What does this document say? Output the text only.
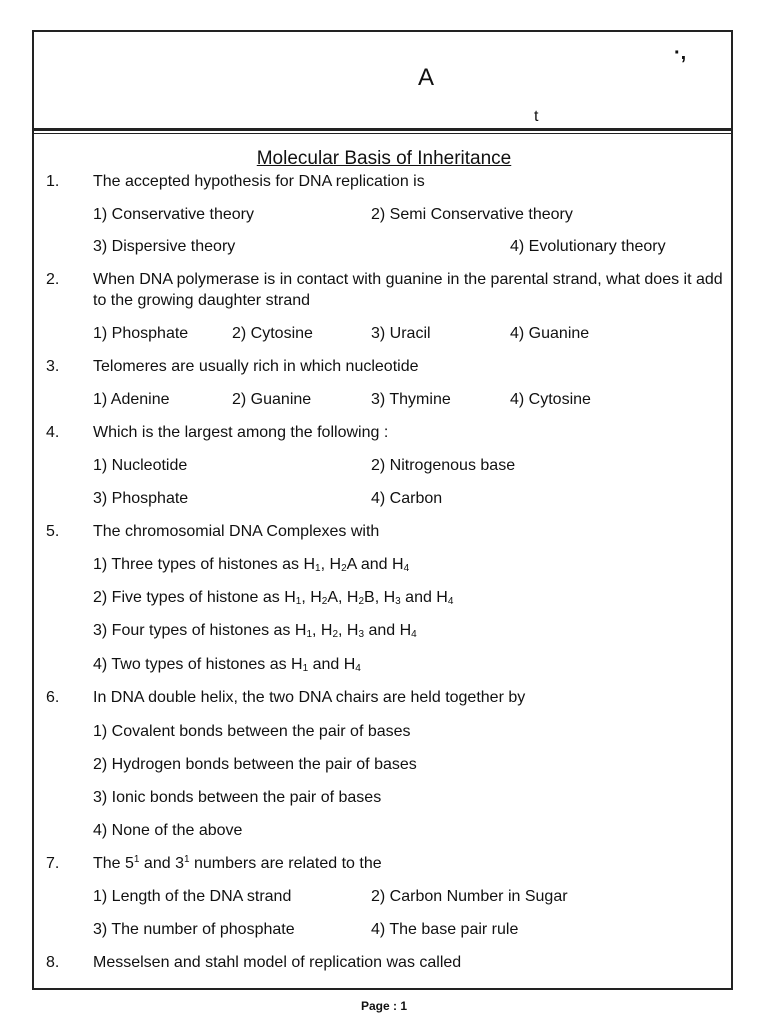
·,
A
t
Molecular Basis of Inheritance
1. The accepted hypothesis for DNA replication is
1) Conservative theory	2) Semi Conservative theory
3) Dispersive theory	4) Evolutionary theory
2. When DNA polymerase is in contact with guanine in the parental strand, what does it add to the growing daughter strand
1) Phosphate	2) Cytosine	3) Uracil	4) Guanine
3. Telomeres are usually rich in which nucleotide
1) Adenine	2) Guanine	3) Thymine	4) Cytosine
4. Which is the largest among the following :
1) Nucleotide	2) Nitrogenous base
3) Phosphate	4) Carbon
5. The chromosomial DNA Complexes with
1) Three types of histones as $H_1$, $H_2A$ and $H_4$
2) Five types of histone as $H_1$, $H_2A$, $H_2B$, $H_3$ and $H_4$
3) Four types of histones as $H_1$, $H_2$, $H_3$ and $H_4$
4) Two types of histones as $H_1$ and $H_4$
6. In DNA double helix, the two DNA chairs are held together by
1) Covalent bonds between the pair of bases
2) Hydrogen bonds between the pair of bases
3) Ionic bonds between the pair of bases
4) None of the above
7. The $5^1$ and $3^1$ numbers are related to the
1) Length of the DNA strand	2) Carbon Number in Sugar
3) The number of phosphate	4) The base pair rule
8. Messelsen and stahl model of replication was called
Page : 1
